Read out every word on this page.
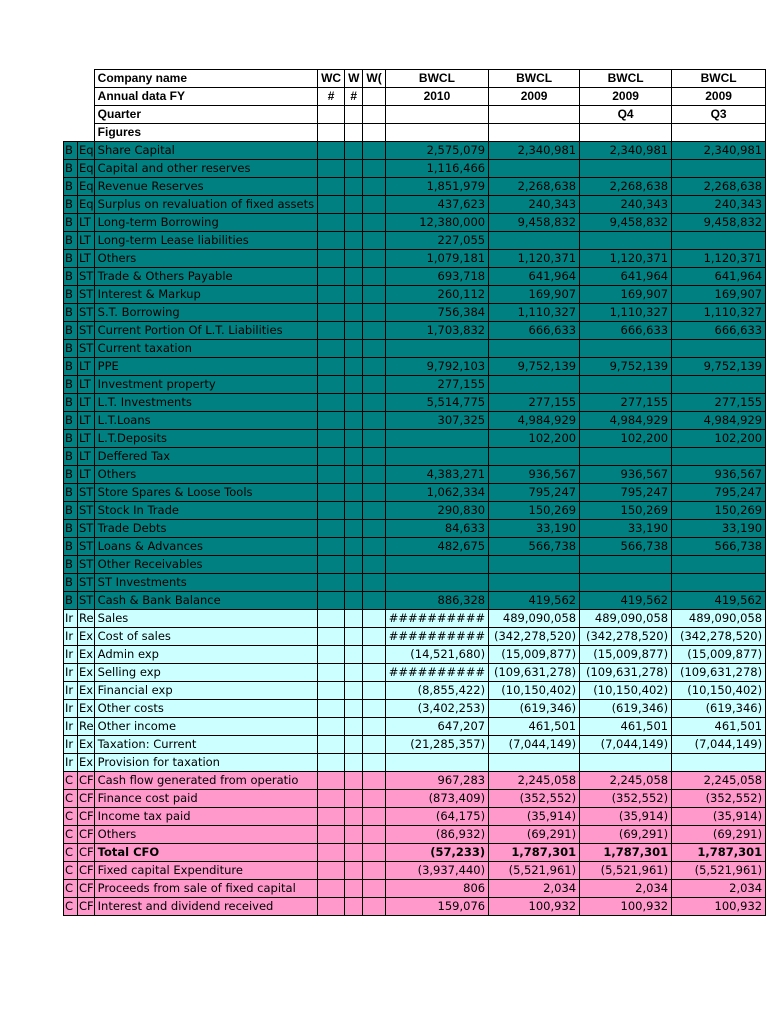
		Company name	WC	W	W(	BWCL	BWCL	BWCL	BWCL
		Annual data FY	#	#		2010	2009	2009	2009
		Quarter						Q4	Q3
		Figures							
B	Eq	Share Capital				2,575,079	2,340,981	2,340,981	2,340,981
B	Eq	Capital and other reserves				1,116,466			
B	Eq	Revenue Reserves				1,851,979	2,268,638	2,268,638	2,268,638
B	Eq	Surplus on revaluation of fixed assets				437,623	240,343	240,343	240,343
B	LT	Long-term Borrowing				12,380,000	9,458,832	9,458,832	9,458,832
B	LT	Long-term Lease liabilities				227,055			
B	LT	Others				1,079,181	1,120,371	1,120,371	1,120,371
B	ST	Trade & Others Payable				693,718	641,964	641,964	641,964
B	ST	Interest & Markup				260,112	169,907	169,907	169,907
B	ST	S.T. Borrowing				756,384	1,110,327	1,110,327	1,110,327
B	ST	Current Portion Of L.T. Liabilities				1,703,832	666,633	666,633	666,633
B	ST	Current taxation							
B	LT	PPE				9,792,103	9,752,139	9,752,139	9,752,139
B	LT	Investment property				277,155			
B	LT	L.T. Investments				5,514,775	277,155	277,155	277,155
B	LT	L.T.Loans				307,325	4,984,929	4,984,929	4,984,929
B	LT	L.T.Deposits					102,200	102,200	102,200
B	LT	Deffered Tax							
B	LT	Others				4,383,271	936,567	936,567	936,567
B	ST	Store Spares & Loose Tools				1,062,334	795,247	795,247	795,247
B	ST	Stock In Trade				290,830	150,269	150,269	150,269
B	ST	Trade Debts				84,633	33,190	33,190	33,190
B	ST	Loans & Advances				482,675	566,738	566,738	566,738
B	ST	Other Receivables							
B	ST	ST Investments							
B	ST	Cash & Bank Balance				886,328	419,562	419,562	419,562
Ir	Re	Sales				##########	489,090,058	489,090,058	489,090,058
Ir	Ex	Cost of sales				##########	(342,278,520)	(342,278,520)	(342,278,520)
Ir	Ex	Admin exp				(14,521,680)	(15,009,877)	(15,009,877)	(15,009,877)
Ir	Ex	Selling exp				##########	(109,631,278)	(109,631,278)	(109,631,278)
Ir	Ex	Financial exp				(8,855,422)	(10,150,402)	(10,150,402)	(10,150,402)
Ir	Ex	Other costs				(3,402,253)	(619,346)	(619,346)	(619,346)
Ir	Re	Other income				647,207	461,501	461,501	461,501
Ir	Ex	Taxation: Current				(21,285,357)	(7,044,149)	(7,044,149)	(7,044,149)
Ir	Ex	Provision for taxation							
C	CF	Cash flow generated from operatio				967,283	2,245,058	2,245,058	2,245,058
C	CF	Finance cost paid				(873,409)	(352,552)	(352,552)	(352,552)
C	CF	Income tax paid				(64,175)	(35,914)	(35,914)	(35,914)
C	CF	Others				(86,932)	(69,291)	(69,291)	(69,291)
C	CF	Total CFO				(57,233)	1,787,301	1,787,301	1,787,301
C	CF	Fixed capital Expenditure				(3,937,440)	(5,521,961)	(5,521,961)	(5,521,961)
C	CF	Proceeds from sale of fixed capital				806	2,034	2,034	2,034
C	CF	Interest and dividend received				159,076	100,932	100,932	100,932
